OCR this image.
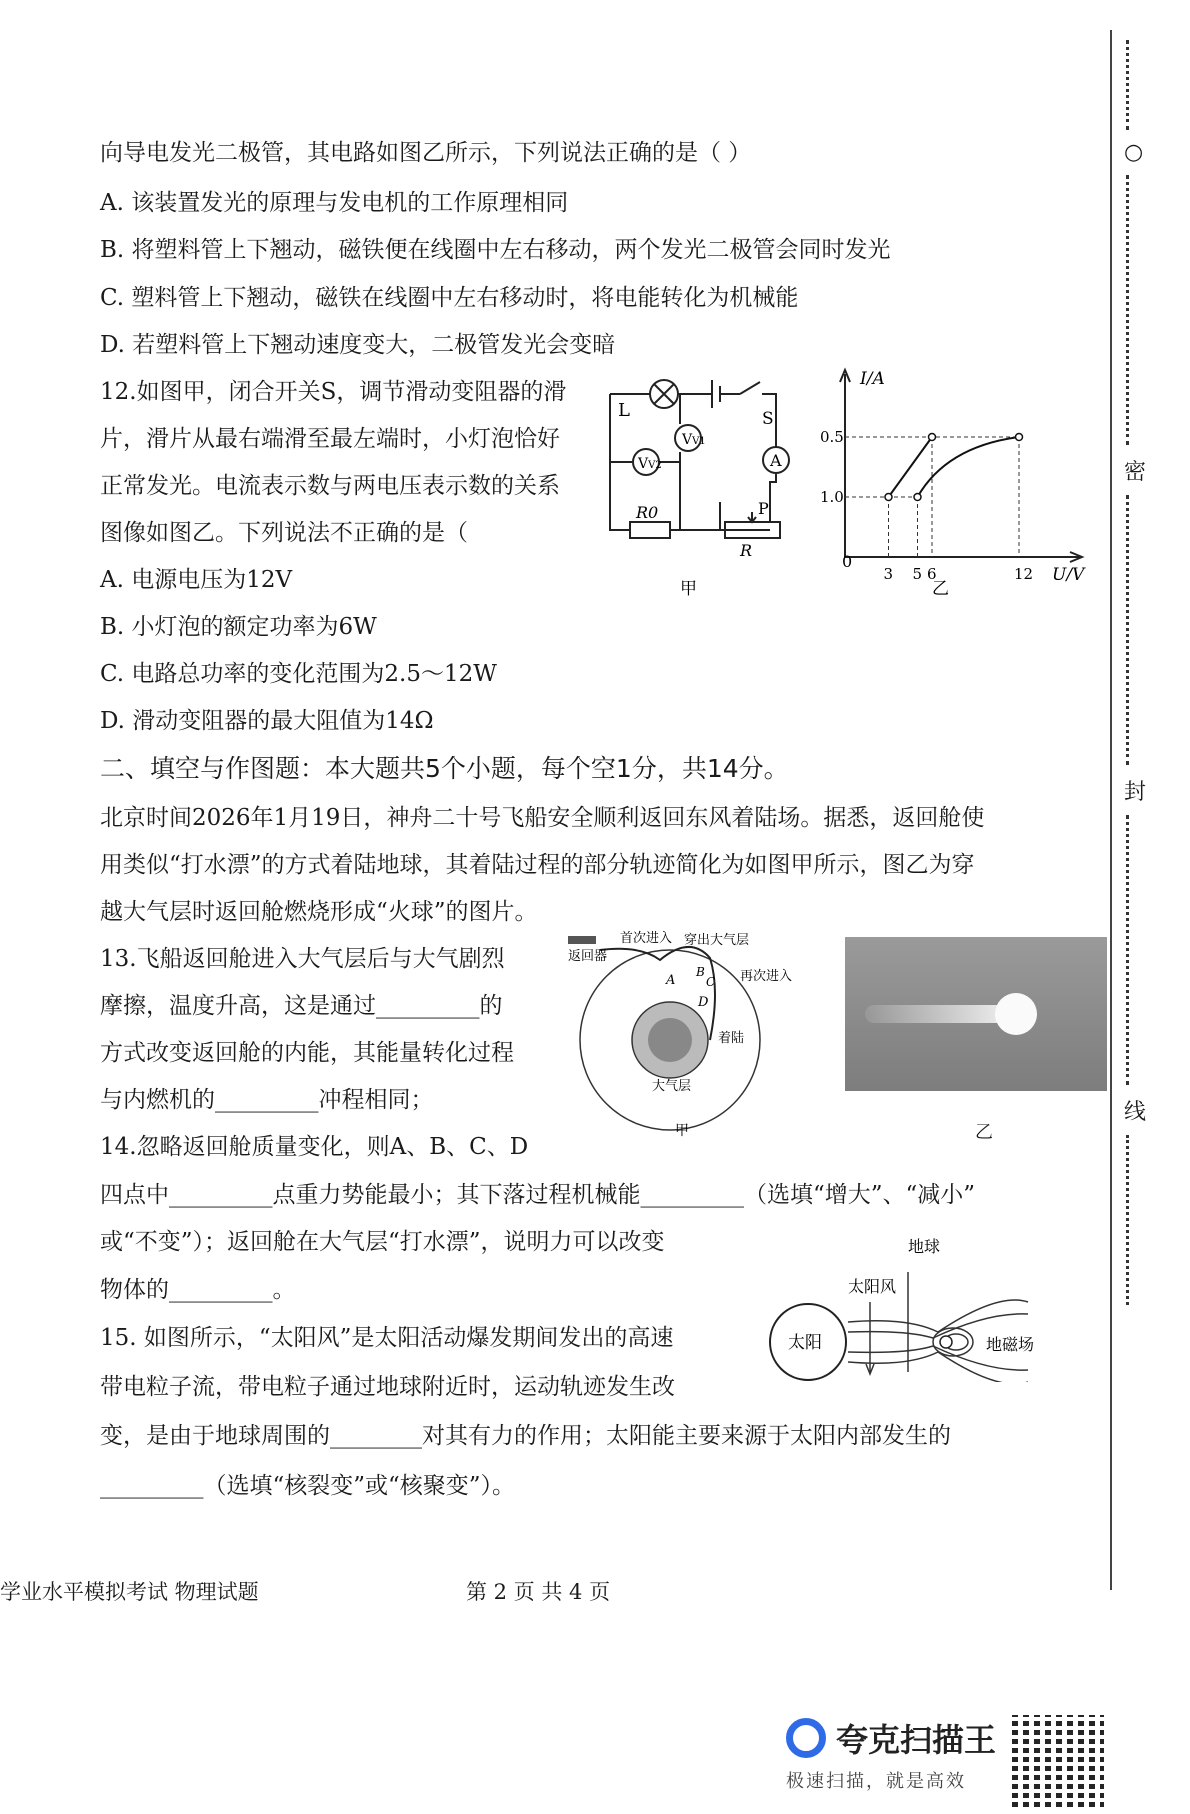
向导电发光二极管，其电路如图乙所示，下列说法正确的是（ ）
A. 该装置发光的原理与发电机的工作原理相同
B. 将塑料管上下翘动，磁铁便在线圈中左右移动，两个发光二极管会同时发光
C. 塑料管上下翘动，磁铁在线圈中左右移动时，将电能转化为机械能
D. 若塑料管上下翘动速度变大，二极管发光会变暗
12.如图甲，闭合开关S，调节滑动变阻器的滑
片，滑片从最右端滑至最左端时，小灯泡恰好
正常发光。电流表示数与两电压表示数的关系
图像如图乙。下列说法不正确的是（
A. 电源电压为12V
B. 小灯泡的额定功率为6W
C. 电路总功率的变化范围为2.5～12W
D. 滑动变阻器的最大阻值为14Ω
L
VV1
VV2	A
S
R0	P
R
甲
1.0
0.5
3 5 6	12
I/A
U/V
0
乙
二、填空与作图题：本大题共5个小题，每个空1分，共14分。
北京时间2026年1月19日，神舟二十号飞船安全顺利返回东风着陆场。据悉，返回舱使
用类似“打水漂”的方式着陆地球，其着陆过程的部分轨迹简化为如图甲所示，图乙为穿
越大气层时返回舱燃烧形成“火球”的图片。
13.飞船返回舱进入大气层后与大气剧烈
摩擦，温度升高，这是通过_________的
方式改变返回舱的内能，其能量转化过程
与内燃机的_________冲程相同；
返回器
首次进入 穿出大气层
再次进入
A
B
C
D
着陆
大气层
甲	乙
14.忽略返回舱质量变化，则A、B、C、D
四点中_________点重力势能最小；其下落过程机械能_________（选填“增大”、“减小”
或“不变”）；返回舱在大气层“打水漂”，说明力可以改变
物体的_________。
15. 如图所示，“太阳风”是太阳活动爆发期间发出的高速
带电粒子流，带电粒子通过地球附近时，运动轨迹发生改
变，是由于地球周围的________对其有力的作用；太阳能主要来源于太阳内部发生的
_________（选填“核裂变”或“核聚变”）。
太阳
地球
太阳风
地磁场
学业水平模拟考试 物理试题	第 2 页 共 4 页
○
密
封
线
夸克扫描王
极速扫描，就是高效
